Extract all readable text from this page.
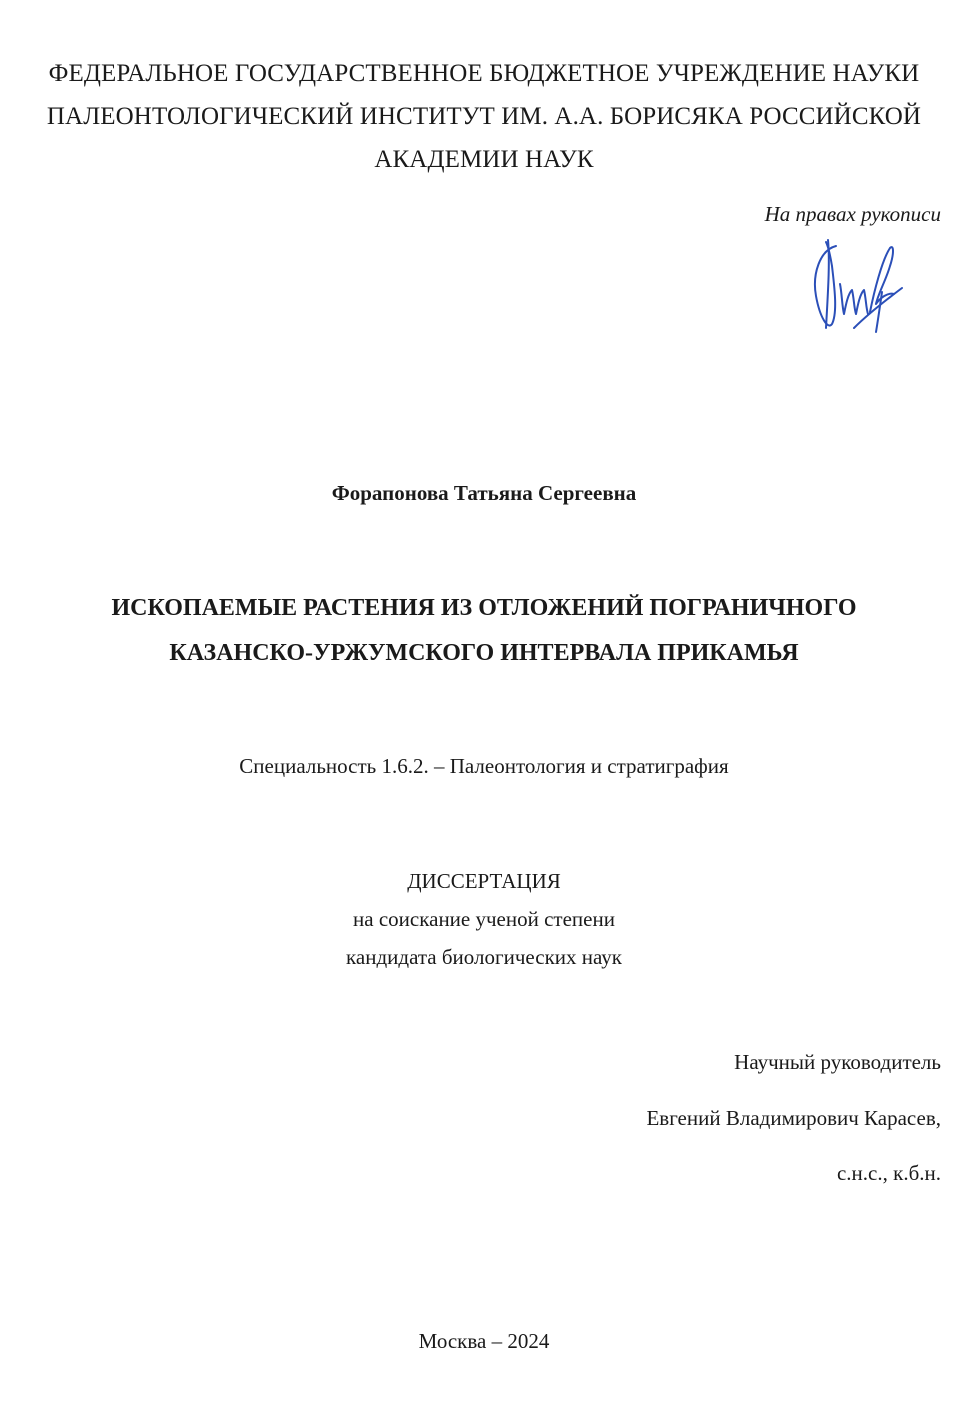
ФЕДЕРАЛЬНОЕ ГОСУДАРСТВЕННОЕ БЮДЖЕТНОЕ УЧРЕЖДЕНИЕ НАУКИ
ПАЛЕОНТОЛОГИЧЕСКИЙ ИНСТИТУТ ИМ. А.А. БОРИСЯКА РОССИЙСКОЙ
АКАДЕМИИ НАУК
На правах рукописи
Форапонова Татьяна Сергеевна
ИСКОПАЕМЫЕ РАСТЕНИЯ ИЗ ОТЛОЖЕНИЙ ПОГРАНИЧНОГО
КАЗАНСКО-УРЖУМСКОГО ИНТЕРВАЛА ПРИКАМЬЯ
Специальность 1.6.2. – Палеонтология и стратиграфия
ДИССЕРТАЦИЯ
на соискание ученой степени
кандидата биологических наук
Научный руководитель
Евгений Владимирович Карасев,
с.н.с., к.б.н.
Москва – 2024
